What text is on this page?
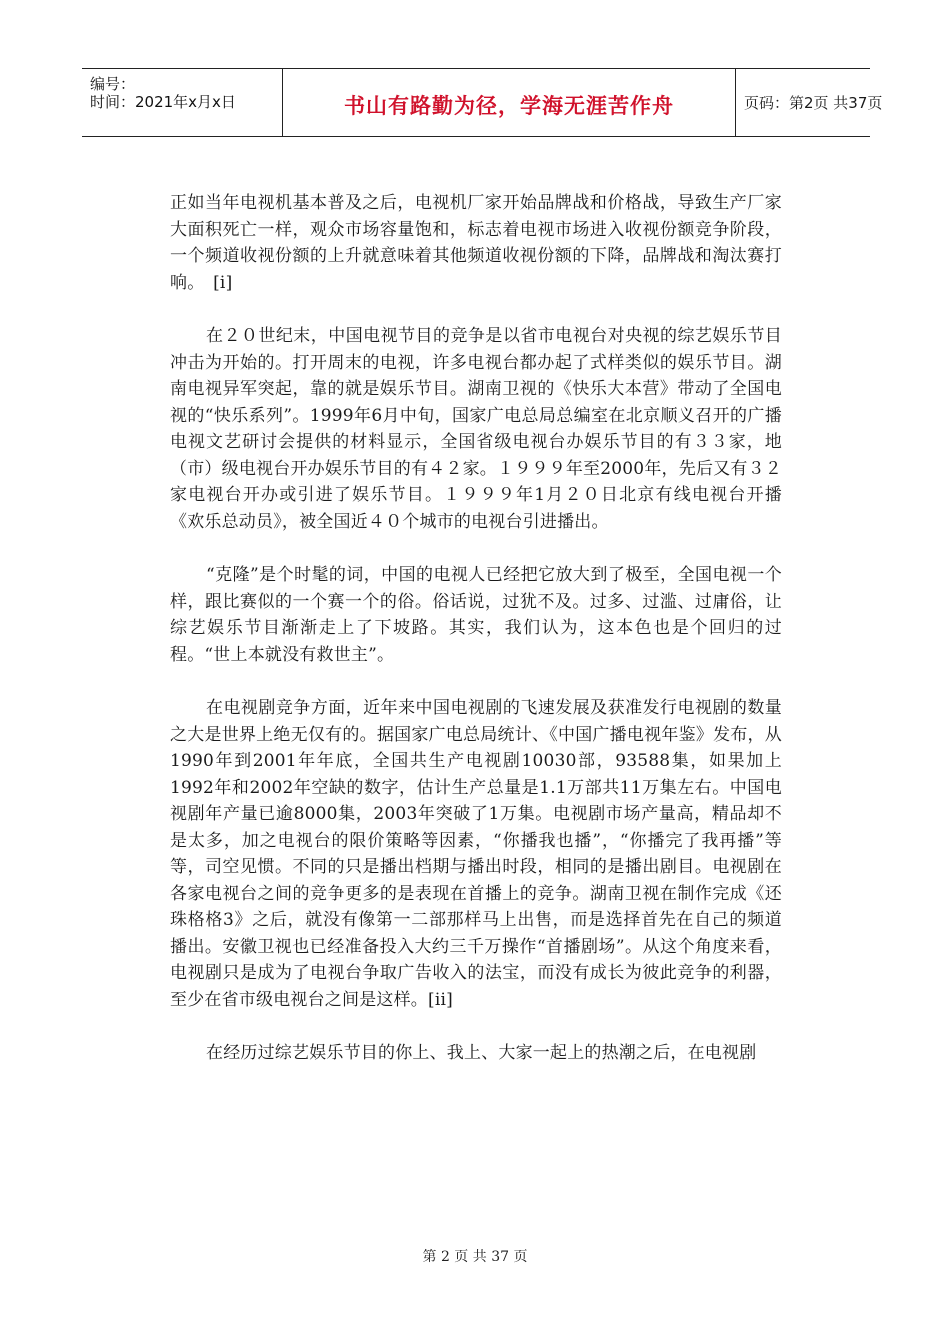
编号：
时间：2021年x月x日	书山有路勤为径，学海无涯苦作舟	页码：第2页 共37页

正如当年电视机基本普及之后，电视机厂家开始品牌战和价格战，导致生产厂家大面积死亡一样，观众市场容量饱和，标志着电视市场进入收视份额竞争阶段，一个频道收视份额的上升就意味着其他频道收视份额的下降，品牌战和淘汰赛打响。　[i]

在２０世纪末，中国电视节目的竞争是以省市电视台对央视的综艺娱乐节目冲击为开始的。打开周末的电视，许多电视台都办起了式样类似的娱乐节目。湖南电视异军突起，靠的就是娱乐节目。湖南卫视的《快乐大本营》带动了全国电视的“快乐系列”。1999年6月中旬，国家广电总局总编室在北京顺义召开的广播电视文艺研讨会提供的材料显示，全国省级电视台办娱乐节目的有３３家，地（市）级电视台开办娱乐节目的有４２家。１９９９年至2000年，先后又有３２家电视台开办或引进了娱乐节目。１９９９年1月２０日北京有线电视台开播《欢乐总动员》，被全国近４０个城市的电视台引进播出。

“克隆”是个时髦的词，中国的电视人已经把它放大到了极至，全国电视一个样，跟比赛似的一个赛一个的俗。俗话说，过犹不及。过多、过滥、过庸俗，让综艺娱乐节目渐渐走上了下坡路。其实，我们认为，这本色也是个回归的过程。“世上本就没有救世主”。

在电视剧竞争方面，近年来中国电视剧的飞速发展及获准发行电视剧的数量之大是世界上绝无仅有的。据国家广电总局统计、《中国广播电视年鉴》发布，从1990年到2001年年底，全国共生产电视剧10030部，93588集，如果加上1992年和2002年空缺的数字，估计生产总量是1.1万部共11万集左右。中国电视剧年产量已逾8000集，2003年突破了1万集。电视剧市场产量高，精品却不是太多，加之电视台的限价策略等因素，“你播我也播”，“你播完了我再播”等等，司空见惯。不同的只是播出档期与播出时段，相同的是播出剧目。电视剧在各家电视台之间的竞争更多的是表现在首播上的竞争。湖南卫视在制作完成《还珠格格3》之后，就没有像第一二部那样马上出售，而是选择首先在自己的频道播出。安徽卫视也已经准备投入大约三千万操作“首播剧场”。从这个角度来看，电视剧只是成为了电视台争取广告收入的法宝，而没有成长为彼此竞争的利器，至少在省市级电视台之间是这样。[ii]

在经历过综艺娱乐节目的你上、我上、大家一起上的热潮之后，在电视剧

第 2 页 共 37 页
